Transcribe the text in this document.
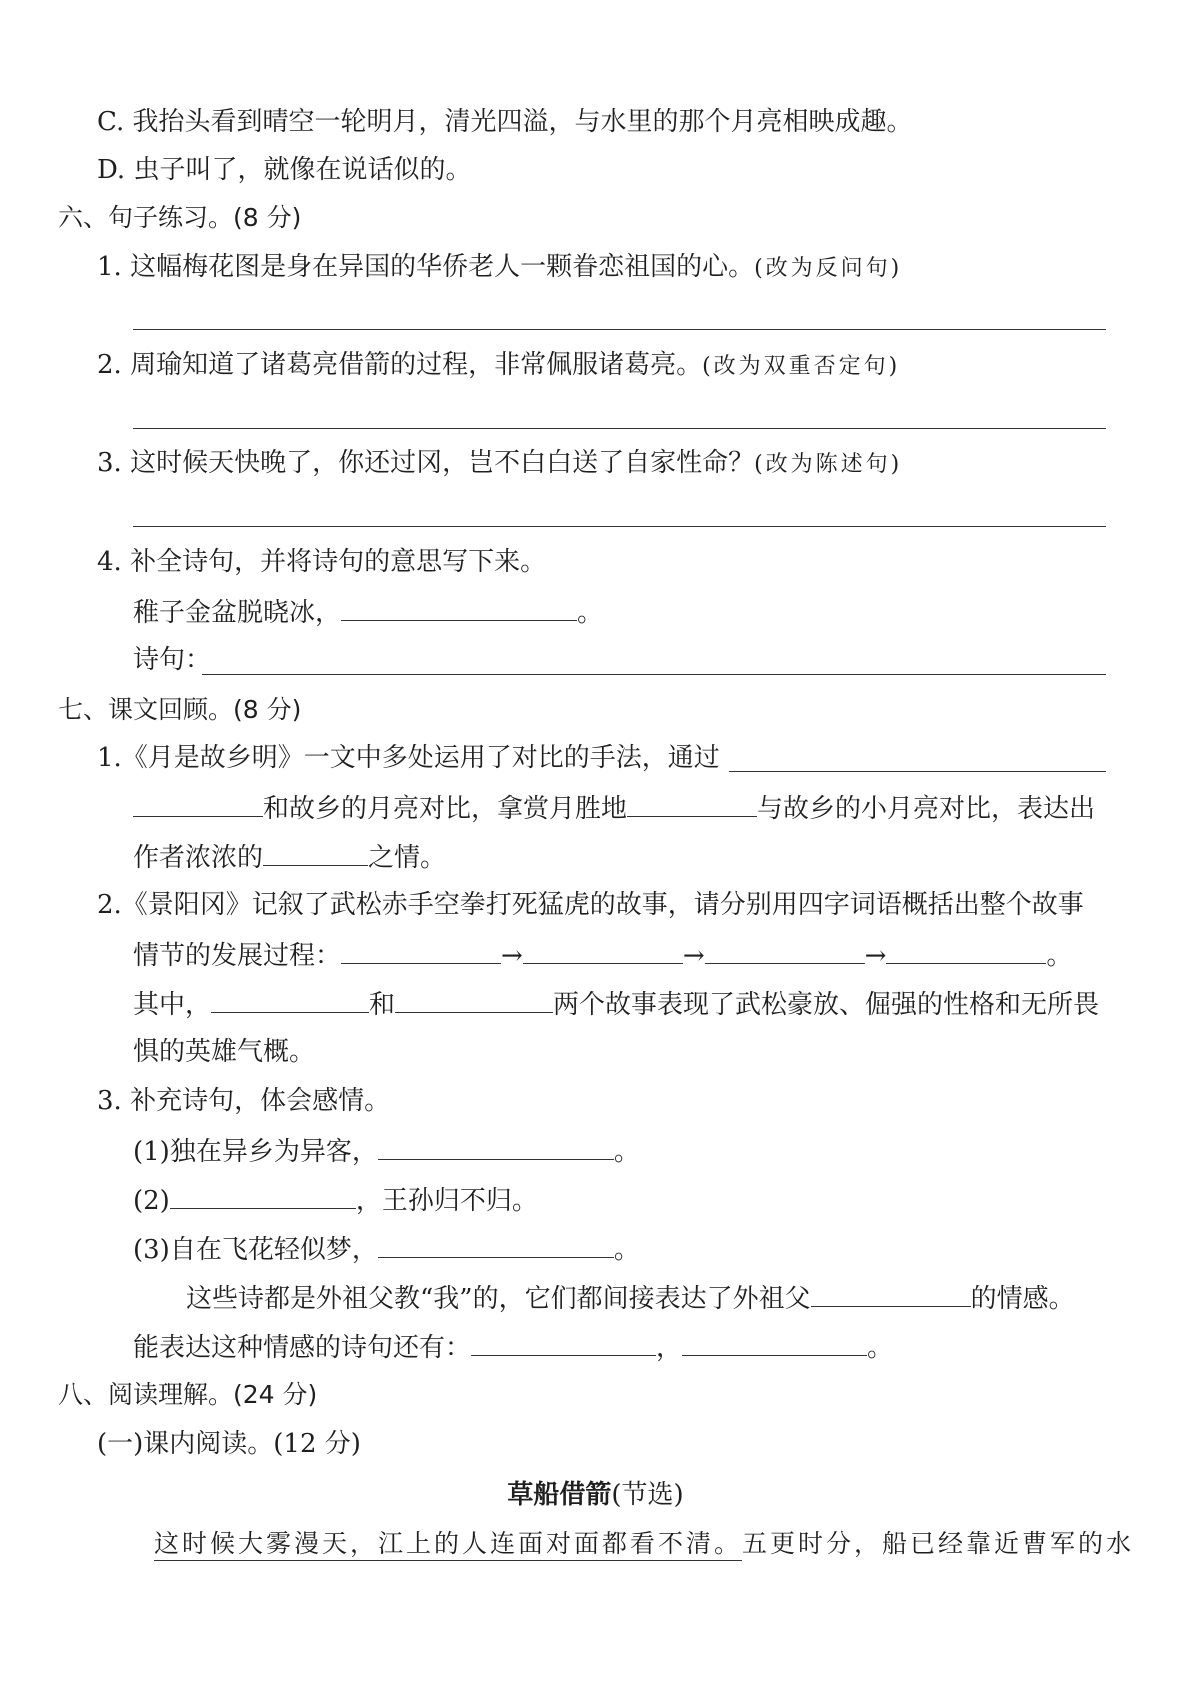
C. 我抬头看到晴空一轮明月，清光四溢，与水里的那个月亮相映成趣。
D. 虫子叫了，就像在说话似的。
六、句子练习。(8 分)
1. 这幅梅花图是身在异国的华侨老人一颗眷恋祖国的心。(改为反问句)
2. 周瑜知道了诸葛亮借箭的过程，非常佩服诸葛亮。(改为双重否定句)
3. 这时候天快晚了，你还过冈，岂不白白送了自家性命？(改为陈述句)
4. 补全诗句，并将诗句的意思写下来。
稚子金盆脱晓冰，	。
诗句：
七、课文回顾。(8 分)
1.《月是故乡明》一文中多处运用了对比的手法，通过
和故乡的月亮对比，拿赏月胜地	与故乡的小月亮对比，表达出
作者浓浓的	之情。
2.《景阳冈》记叙了武松赤手空拳打死猛虎的故事，请分别用四字词语概括出整个故事
情节的发展过程：	→	→	→	。
其中，	和	两个故事表现了武松豪放、倔强的性格和无所畏
惧的英雄气概。
3. 补充诗句，体会感情。
(1)独在异乡为异客，	。
(2)	，王孙归不归。
(3)自在飞花轻似梦，	。
这些诗都是外祖父教“我”的，它们都间接表达了外祖父	的情感。
能表达这种情感的诗句还有：	，	。
八、阅读理解。(24 分)
(一)课内阅读。(12 分)
草船借箭(节选)
这时候大雾漫天，江上的人连面对面都看不清。五更时分，船已经靠近曹军的水
